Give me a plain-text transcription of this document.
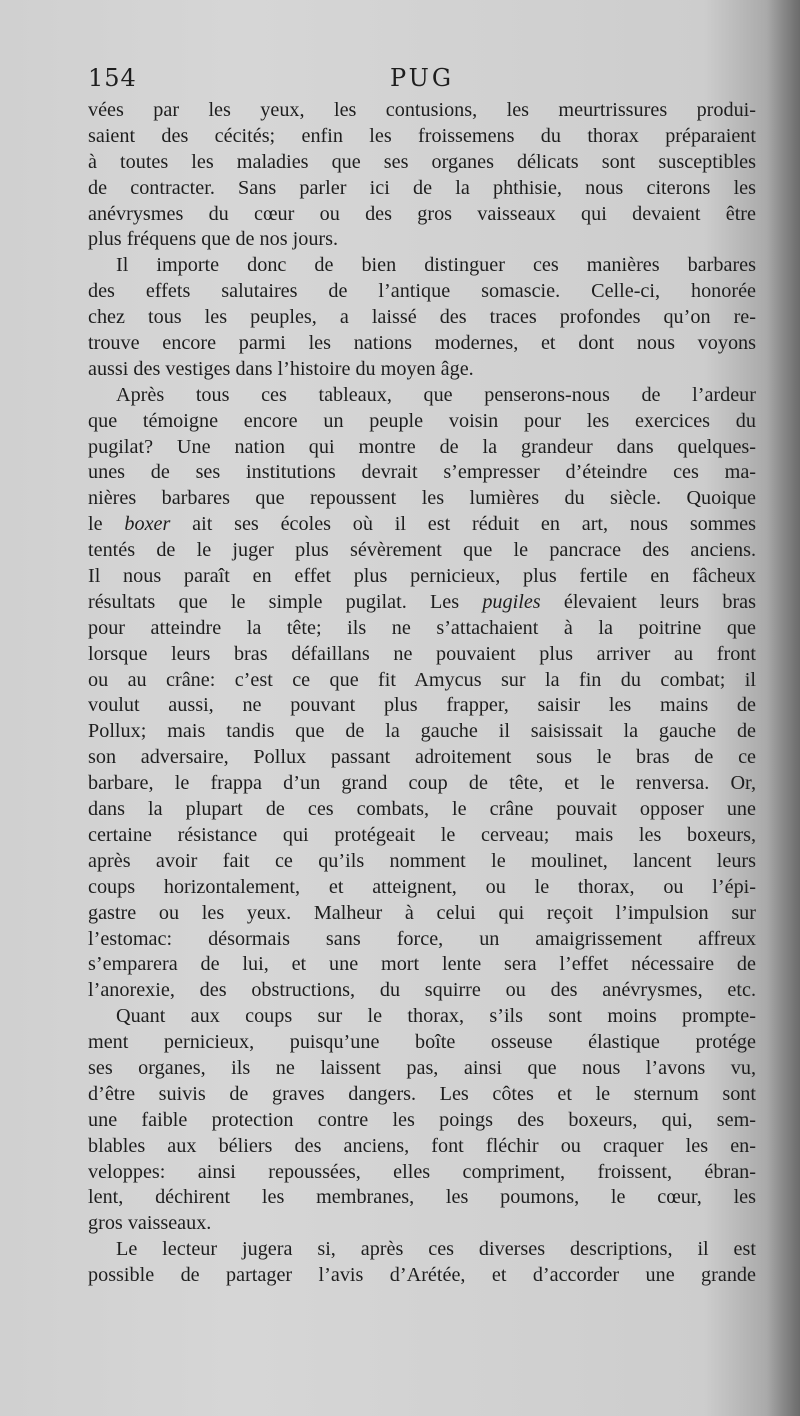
154	PUG
vées par les yeux, les contusions, les meurtrissures produi-
saient des cécités; enfin les froissemens du thorax préparaient
à toutes les maladies que ses organes délicats sont susceptibles
de contracter. Sans parler ici de la phthisie, nous citerons les
anévrysmes du cœur ou des gros vaisseaux qui devaient être
plus fréquens que de nos jours.
Il importe donc de bien distinguer ces manières barbares
des effets salutaires de l’antique somascie. Celle-ci, honorée
chez tous les peuples, a laissé des traces profondes qu’on re-
trouve encore parmi les nations modernes, et dont nous voyons
aussi des vestiges dans l’histoire du moyen âge.
Après tous ces tableaux, que penserons-nous de l’ardeur
que témoigne encore un peuple voisin pour les exercices du
pugilat? Une nation qui montre de la grandeur dans quelques-
unes de ses institutions devrait s’empresser d’éteindre ces ma-
nières barbares que repoussent les lumières du siècle. Quoique
le boxer ait ses écoles où il est réduit en art, nous sommes
tentés de le juger plus sévèrement que le pancrace des anciens.
Il nous paraît en effet plus pernicieux, plus fertile en fâcheux
résultats que le simple pugilat. Les pugiles élevaient leurs bras
pour atteindre la tête; ils ne s’attachaient à la poitrine que
lorsque leurs bras défaillans ne pouvaient plus arriver au front
ou au crâne: c’est ce que fit Amycus sur la fin du combat; il
voulut aussi, ne pouvant plus frapper, saisir les mains de
Pollux; mais tandis que de la gauche il saisissait la gauche de
son adversaire, Pollux passant adroitement sous le bras de ce
barbare, le frappa d’un grand coup de tête, et le renversa. Or,
dans la plupart de ces combats, le crâne pouvait opposer une
certaine résistance qui protégeait le cerveau; mais les boxeurs,
après avoir fait ce qu’ils nomment le moulinet, lancent leurs
coups horizontalement, et atteignent, ou le thorax, ou l’épi-
gastre ou les yeux. Malheur à celui qui reçoit l’impulsion sur
l’estomac: désormais sans force, un amaigrissement affreux
s’emparera de lui, et une mort lente sera l’effet nécessaire de
l’anorexie, des obstructions, du squirre ou des anévrysmes, etc.
Quant aux coups sur le thorax, s’ils sont moins prompte-
ment pernicieux, puisqu’une boîte osseuse élastique protége
ses organes, ils ne laissent pas, ainsi que nous l’avons vu,
d’être suivis de graves dangers. Les côtes et le sternum sont
une faible protection contre les poings des boxeurs, qui, sem-
blables aux béliers des anciens, font fléchir ou craquer les en-
veloppes: ainsi repoussées, elles compriment, froissent, ébran-
lent, déchirent les membranes, les poumons, le cœur, les
gros vaisseaux.
Le lecteur jugera si, après ces diverses descriptions, il est
possible de partager l’avis d’Arétée, et d’accorder une grande
